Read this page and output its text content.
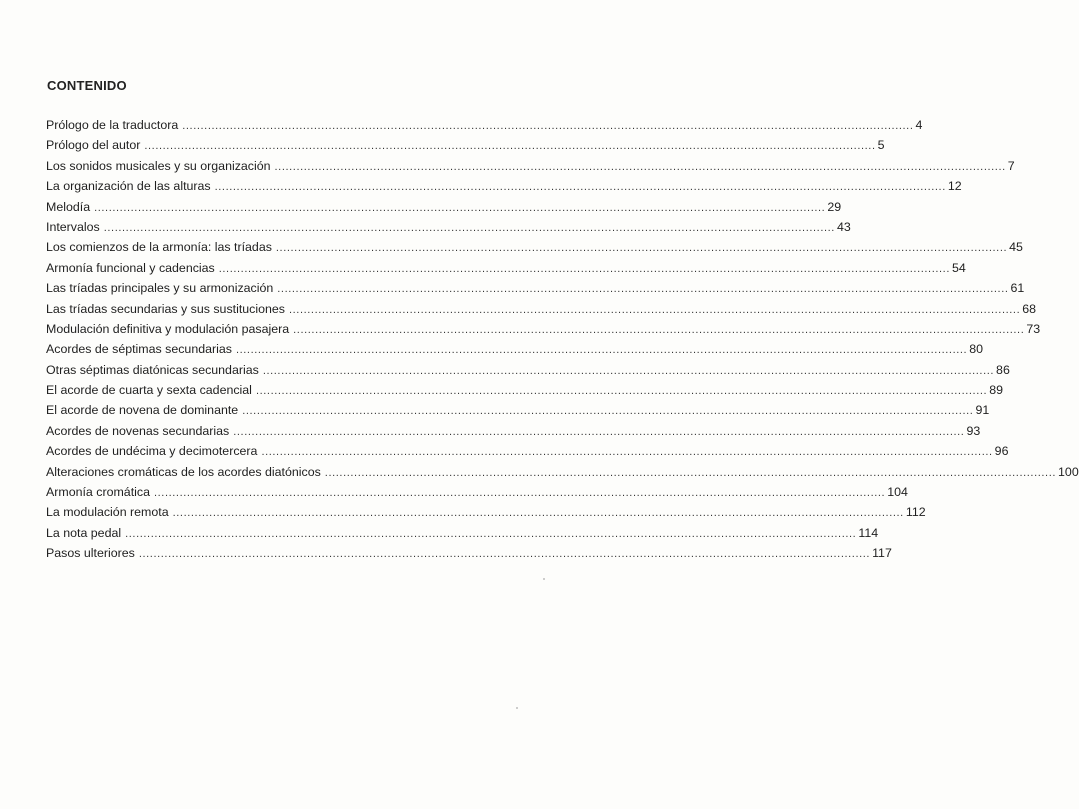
CONTENIDO
Prólogo de la traductora ........................................................................................................................................................................................................ 4
Prólogo del autor ........................................................................................................................................................................................................ 5
Los sonidos musicales y su organización ........................................................................................................................................................................................................ 7
La organización de las alturas ........................................................................................................................................................................................................ 12
Melodía ........................................................................................................................................................................................................ 29
Intervalos ........................................................................................................................................................................................................ 43
Los comienzos de la armonía: las tríadas ........................................................................................................................................................................................................ 45
Armonía funcional y cadencias ........................................................................................................................................................................................................ 54
Las tríadas principales y su armonización ........................................................................................................................................................................................................ 61
Las tríadas secundarias y sus sustituciones ........................................................................................................................................................................................................ 68
Modulación definitiva y modulación pasajera ........................................................................................................................................................................................................ 73
Acordes de séptimas secundarias ........................................................................................................................................................................................................ 80
Otras séptimas diatónicas secundarias ........................................................................................................................................................................................................ 86
El acorde de cuarta y sexta cadencial ........................................................................................................................................................................................................ 89
El acorde de novena de dominante ........................................................................................................................................................................................................ 91
Acordes de novenas secundarias ........................................................................................................................................................................................................ 93
Acordes de undécima y decimotercera ........................................................................................................................................................................................................ 96
Alteraciones cromáticas de los acordes diatónicos ........................................................................................................................................................................................................ 100
Armonía cromática ........................................................................................................................................................................................................ 104
La modulación remota ........................................................................................................................................................................................................ 112
La nota pedal ........................................................................................................................................................................................................ 114
Pasos ulteriores ........................................................................................................................................................................................................ 117
